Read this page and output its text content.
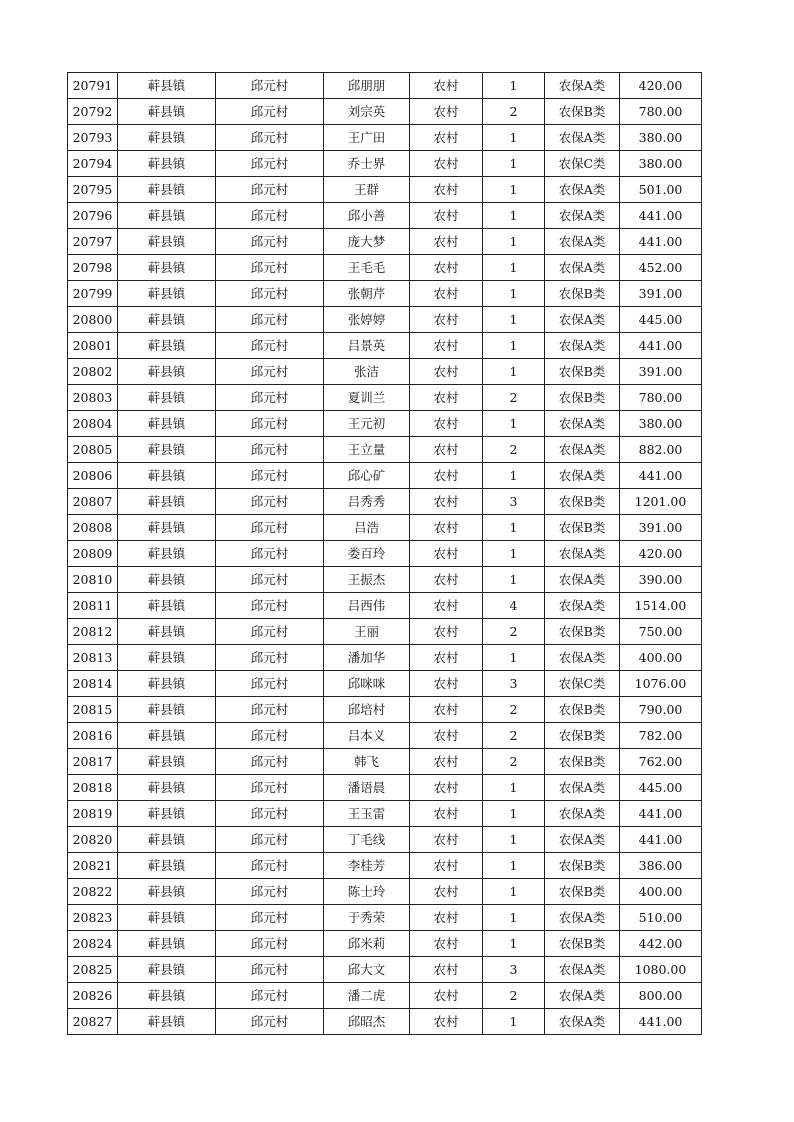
20791	蓒县镇	邱元村	邱朋朋	农村	1	农保A类	420.00
20792	蓒县镇	邱元村	刘宗英	农村	2	农保B类	780.00
20793	蓒县镇	邱元村	王广田	农村	1	农保A类	380.00
20794	蓒县镇	邱元村	乔士界	农村	1	农保C类	380.00
20795	蓒县镇	邱元村	王群	农村	1	农保A类	501.00
20796	蓒县镇	邱元村	邱小善	农村	1	农保A类	441.00
20797	蓒县镇	邱元村	庞大梦	农村	1	农保A类	441.00
20798	蓒县镇	邱元村	王毛毛	农村	1	农保A类	452.00
20799	蓒县镇	邱元村	张朝芹	农村	1	农保B类	391.00
20800	蓒县镇	邱元村	张婷婷	农村	1	农保A类	445.00
20801	蓒县镇	邱元村	吕景英	农村	1	农保A类	441.00
20802	蓒县镇	邱元村	张洁	农村	1	农保B类	391.00
20803	蓒县镇	邱元村	夏训兰	农村	2	农保B类	780.00
20804	蓒县镇	邱元村	王元初	农村	1	农保A类	380.00
20805	蓒县镇	邱元村	王立量	农村	2	农保A类	882.00
20806	蓒县镇	邱元村	邱心矿	农村	1	农保A类	441.00
20807	蓒县镇	邱元村	吕秀秀	农村	3	农保B类	1201.00
20808	蓒县镇	邱元村	吕浩	农村	1	农保B类	391.00
20809	蓒县镇	邱元村	娄百玲	农村	1	农保A类	420.00
20810	蓒县镇	邱元村	王振杰	农村	1	农保A类	390.00
20811	蓒县镇	邱元村	吕西伟	农村	4	农保A类	1514.00
20812	蓒县镇	邱元村	王丽	农村	2	农保B类	750.00
20813	蓒县镇	邱元村	潘加华	农村	1	农保A类	400.00
20814	蓒县镇	邱元村	邱咪咪	农村	3	农保C类	1076.00
20815	蓒县镇	邱元村	邱培村	农村	2	农保B类	790.00
20816	蓒县镇	邱元村	吕本义	农村	2	农保B类	782.00
20817	蓒县镇	邱元村	韩飞	农村	2	农保B类	762.00
20818	蓒县镇	邱元村	潘语晨	农村	1	农保A类	445.00
20819	蓒县镇	邱元村	王玉雷	农村	1	农保A类	441.00
20820	蓒县镇	邱元村	丁毛线	农村	1	农保A类	441.00
20821	蓒县镇	邱元村	李桂芳	农村	1	农保B类	386.00
20822	蓒县镇	邱元村	陈士玲	农村	1	农保B类	400.00
20823	蓒县镇	邱元村	于秀荣	农村	1	农保A类	510.00
20824	蓒县镇	邱元村	邱米莉	农村	1	农保B类	442.00
20825	蓒县镇	邱元村	邱大文	农村	3	农保A类	1080.00
20826	蓒县镇	邱元村	潘二虎	农村	2	农保A类	800.00
20827	蓒县镇	邱元村	邱昭杰	农村	1	农保A类	441.00
